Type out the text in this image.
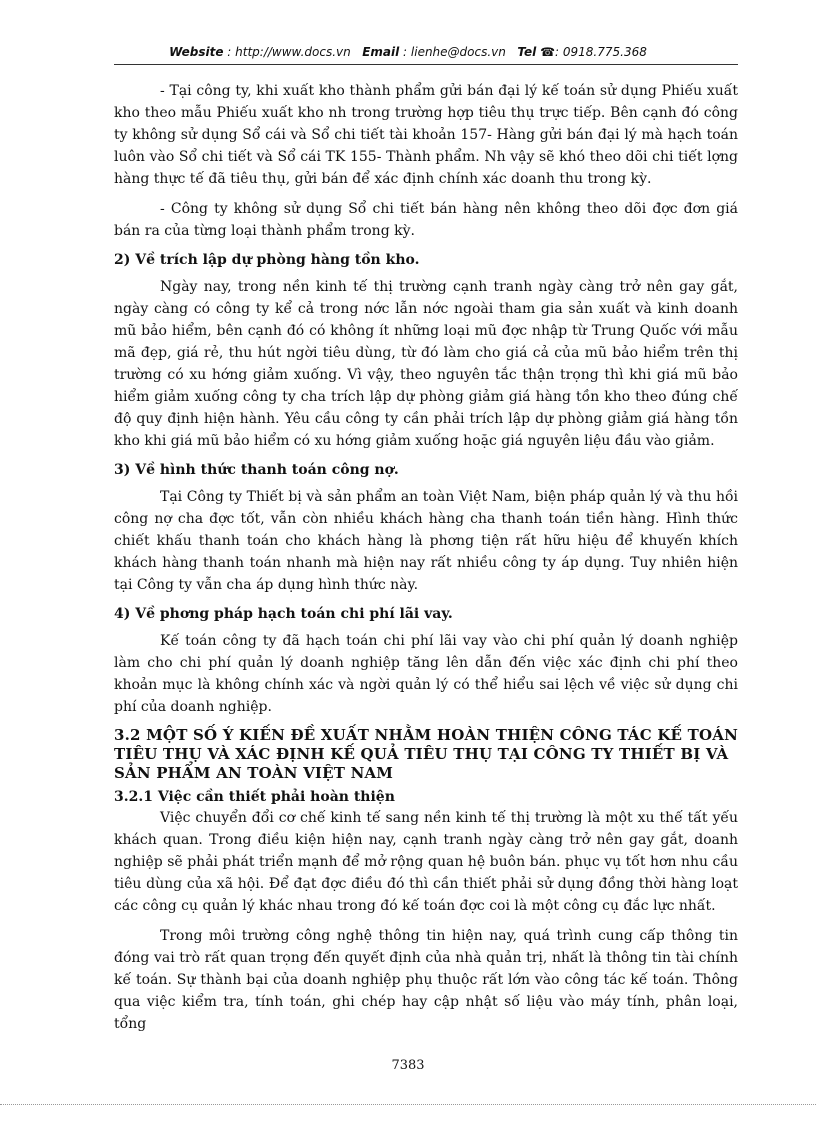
Website : http://www.docs.vn Email : lienhe@docs.vn Tel ☎: 0918.775.368

- Tại công ty, khi xuất kho thành phẩm gửi bán đại lý kế toán sử dụng Phiếu xuất kho theo mẫu Phiếu xuất kho nh trong trường hợp tiêu thụ trực tiếp. Bên cạnh đó công ty không sử dụng Sổ cái và Sổ chi tiết tài khoản 157- Hàng gửi bán đại lý mà hạch toán luôn vào Sổ chi tiết và Sổ cái TK 155- Thành phẩm. Nh vậy sẽ khó theo dõi chi tiết lợng hàng thực tế đã tiêu thụ, gửi bán để xác định chính xác doanh thu trong kỳ.

- Công ty không sử dụng Sổ chi tiết bán hàng nên không theo dõi đợc đơn giá bán ra của từng loại thành phẩm trong kỳ.

2) Về trích lập dự phòng hàng tồn kho.

Ngày nay, trong nền kinh tế thị trường cạnh tranh ngày càng trở nên gay gắt, ngày càng có công ty kể cả trong nớc lẫn nớc ngoài tham gia sản xuất và kinh doanh mũ bảo hiểm, bên cạnh đó có không ít những loại mũ đợc nhập từ Trung Quốc với mẫu mã đẹp, giá rẻ, thu hút ngời tiêu dùng, từ đó làm cho giá cả của mũ bảo hiểm trên thị trường có xu hớng giảm xuống. Vì vậy, theo nguyên tắc thận trọng thì khi giá mũ bảo hiểm giảm xuống công ty cha trích lập dự phòng giảm giá hàng tồn kho theo đúng chế độ quy định hiện hành. Yêu cầu công ty cần phải trích lập dự phòng giảm giá hàng tồn kho khi giá mũ bảo hiểm có xu hớng giảm xuống hoặc giá nguyên liệu đầu vào giảm.

3) Về hình thức thanh toán công nợ.

Tại Công ty Thiết bị và sản phẩm an toàn Việt Nam, biện pháp quản lý và thu hồi công nợ cha đợc tốt, vẫn còn nhiều khách hàng cha thanh toán tiền hàng. Hình thức chiết khấu thanh toán cho khách hàng là phơng tiện rất hữu hiệu để khuyến khích khách hàng thanh toán nhanh mà hiện nay rất nhiều công ty áp dụng. Tuy nhiên hiện tại Công ty vẫn cha áp dụng hình thức này.

4) Về phơng pháp hạch toán chi phí lãi vay.

Kế toán công ty đã hạch toán chi phí lãi vay vào chi phí quản lý doanh nghiệp làm cho chi phí quản lý doanh nghiệp tăng lên dẫn đến việc xác định chi phí theo khoản mục là không chính xác và ngời quản lý có thể hiểu sai lệch về việc sử dụng chi phí của doanh nghiệp.

3.2 MỘT SỐ Ý KIẾN ĐỀ XUẤT NHẰM HOÀN THIỆN CÔNG TÁC KẾ TOÁN TIÊU THỤ VÀ XÁC ĐỊNH KẾ QUẢ TIÊU THỤ TẠI CÔNG TY THIẾT BỊ VÀ SẢN PHẨM AN TOÀN VIỆT NAM
3.2.1 Việc cần thiết phải hoàn thiện

Việc chuyển đổi cơ chế kinh tế sang nền kinh tế thị trường là một xu thế tất yếu khách quan. Trong điều kiện hiện nay, cạnh tranh ngày càng trở nên gay gắt, doanh nghiệp sẽ phải phát triển mạnh để mở rộng quan hệ buôn bán. phục vụ tốt hơn nhu cầu tiêu dùng của xã hội. Để đạt đợc điều đó thì cần thiết phải sử dụng đồng thời hàng loạt các công cụ quản lý khác nhau trong đó kế toán đợc coi là một công cụ đắc lực nhất.

Trong môi trường công nghệ thông tin hiện nay, quá trình cung cấp thông tin đóng vai trò rất quan trọng đến quyết định của nhà quản trị, nhất là thông tin tài chính kế toán. Sự thành bại của doanh nghiệp phụ thuộc rất lớn vào công tác kế toán. Thông qua việc kiểm tra, tính toán, ghi chép hay cập nhật số liệu vào máy tính, phân loại, tổng

7383
